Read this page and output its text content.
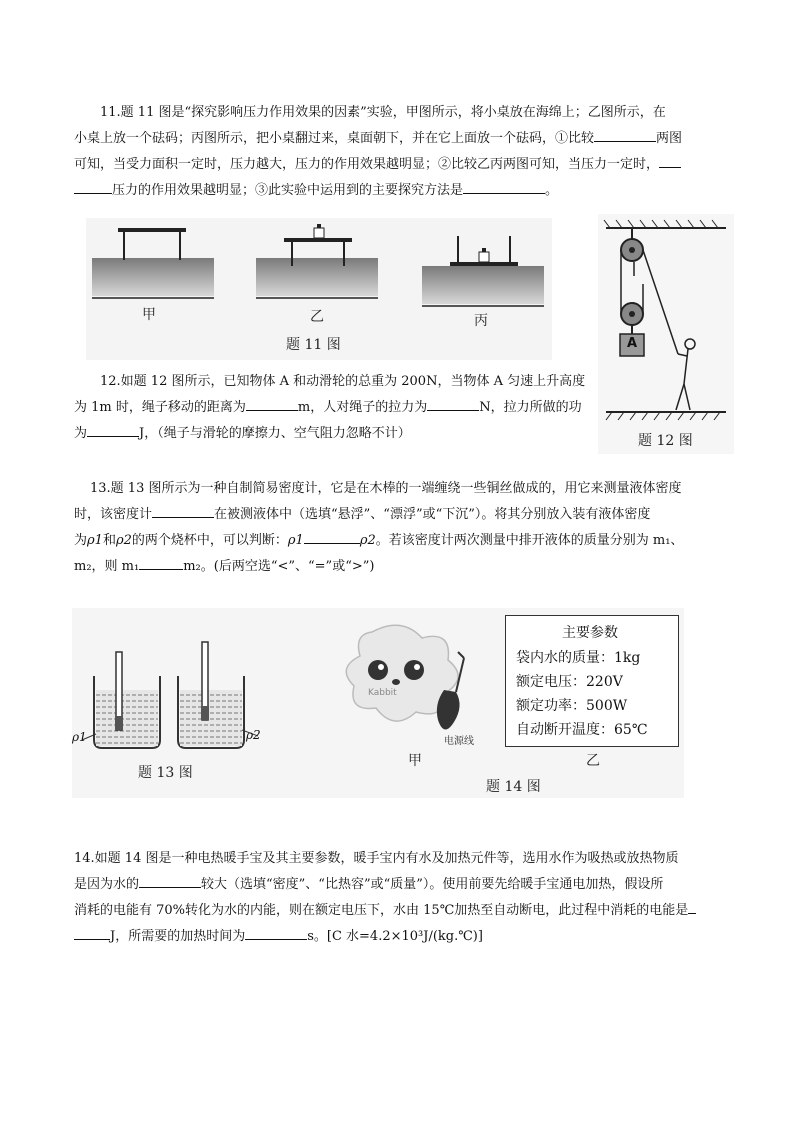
11.题 11 图是“探究影响压力作用效果的因素”实验，甲图所示，将小桌放在海绵上；乙图所示，在
小桌上放一个砝码；丙图所示，把小桌翻过来，桌面朝下，并在它上面放一个砝码，①比较	两图
可知，当受力面积一定时，压力越大，压力的作用效果越明显；②比较乙丙两图可知，当压力一定时，
压力的作用效果越明显；③此实验中运用到的主要探究方法是	。

甲	乙	丙
题 11 图

12.如题 12 图所示，已知物体 A 和动滑轮的总重为 200N，当物体 A 匀速上升高度
为 1m 时，绳子移动的距离为	m，人对绳子的拉力为	N，拉力所做的功
为	J，（绳子与滑轮的摩擦力、空气阻力忽略不计）

A
题 12 图

13.题 13 图所示为一种自制简易密度计，它是在木棒的一端缠绕一些铜丝做成的，用它来测量液体密度
时，该密度计	在被测液体中（选填“悬浮”、“漂浮”或“下沉”）。将其分别放入装有液体密度
为ρ1和ρ2的两个烧杯中，可以判断：ρ1	ρ2。若该密度计两次测量中排开液体的质量分别为 m₁、
m₂，则 m₁	m₂。(后两空选“<”、“=”或“>”)

ρ1	ρ2
题 13 图
Kabbit
电源线
甲	乙
题 14 图
主要参数
袋内水的质量：1kg
额定电压：220V
额定功率：500W
自动断开温度：65℃

14.如题 14 图是一种电热暖手宝及其主要参数，暖手宝内有水及加热元件等，选用水作为吸热或放热物质
是因为水的	较大（选填“密度”、“比热容”或“质量”）。使用前要先给暖手宝通电加热，假设所
消耗的电能有 70%转化为水的内能，则在额定电压下，水由 15℃加热至自动断电，此过程中消耗的电能是
J，所需要的加热时间为	s。[C 水=4.2×10³J/(kg.℃)]
